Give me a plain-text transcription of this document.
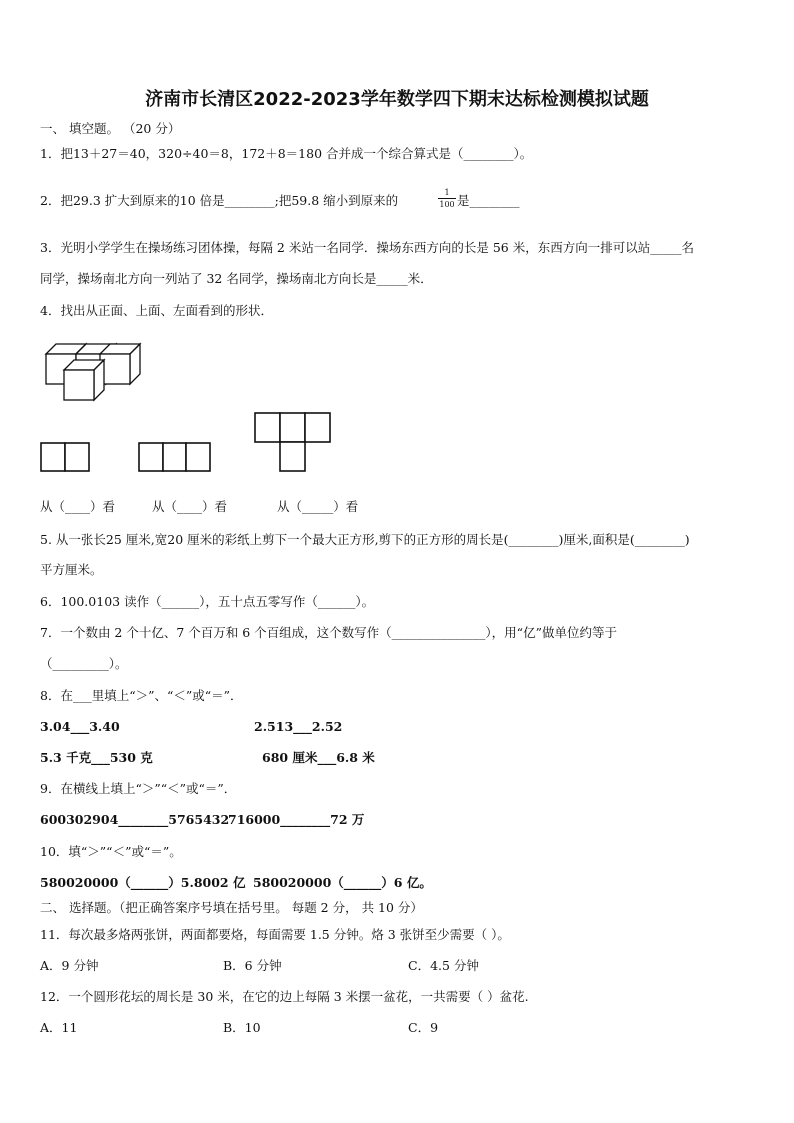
济南市长清区2022-2023学年数学四下期末达标检测模拟试题
一、 填空题。 （20 分）
1．把13＋27＝40，320÷40＝8，172＋8＝180 合并成一个综合算式是（________）。
2．把29.3 扩大到原来的10 倍是________;把59.8 缩小到原来的
1
100 是________
3．光明小学学生在操场练习团体操，每隔 2 米站一名同学．操场东西方向的长是 56 米，东西方向一排可以站_____名
同学，操场南北方向一列站了 32 名同学，操场南北方向长是_____米．
4．找出从正面、上面、左面看到的形状．
从（____）看	从（____）看	从（_____）看
5. 从一张长25 厘米,宽20 厘米的彩纸上剪下一个最大正方形,剪下的正方形的周长是(________)厘米,面积是(________)
平方厘米。
6．100.0103 读作（______），五十点五零写作（______）。
7．一个数由 2 个十亿、7 个百万和 6 个百组成，这个数写作（_______________），用“亿”做单位约等于
（_________）。
8．在___里填上“＞”、“＜”或“＝”．
3.04___3.40	2.513___2.52
5.3 千克___530 克	680 厘米___6.8 米
9．在横线上填上“＞”“＜”或“＝”．
600302904________5765432
716000________72 万
10．填“＞”“＜”或“＝”。
580020000（______）5.8002 亿 580020000（______）6 亿。
二、 选择题。（把正确答案序号填在括号里。 每题 2 分， 共 10 分）
11．每次最多烙两张饼，两面都要烙，每面需要 1.5 分钟。烙 3 张饼至少需要（ ）。
A．9 分钟	B．6 分钟	C．4.5 分钟
12．一个圆形花坛的周长是 30 米，在它的边上每隔 3 米摆一盆花，一共需要（ ）盆花.
A．11	B．10	C．9
